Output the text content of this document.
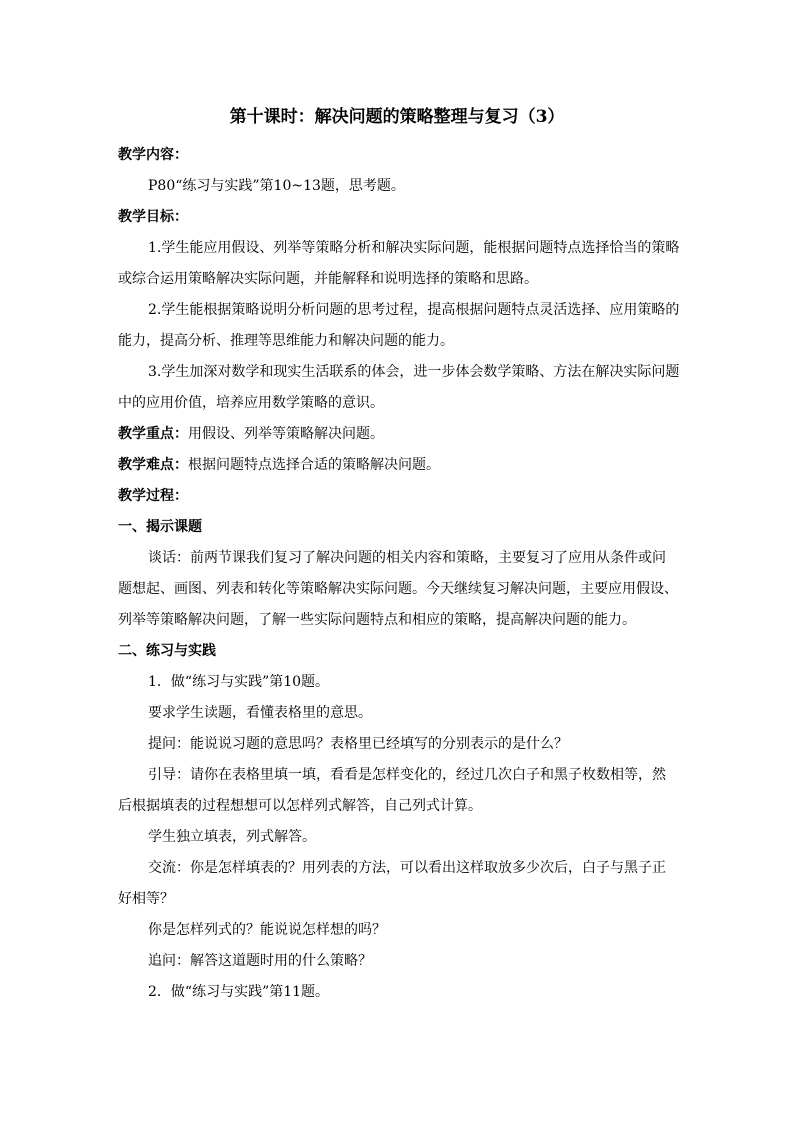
第十课时：解决问题的策略整理与复习（3）
教学内容：
P80“练习与实践”第10~13题，思考题。
教学目标：
1.学生能应用假设、列举等策略分析和解决实际问题，能根据问题特点选择恰当的策略
或综合运用策略解决实际问题，并能解释和说明选择的策略和思路。
2.学生能根据策略说明分析问题的思考过程，提高根据问题特点灵活选择、应用策略的
能力，提高分析、推理等思维能力和解决问题的能力。
3.学生加深对数学和现实生活联系的体会，进一步体会数学策略、方法在解决实际问题
中的应用价值，培养应用数学策略的意识。
教学重点：用假设、列举等策略解决问题。
教学难点：根据问题特点选择合适的策略解决问题。
教学过程：
一、揭示课题
谈话：前两节课我们复习了解决问题的相关内容和策略，主要复习了应用从条件或问
题想起、画图、列表和转化等策略解决实际问题。今天继续复习解决问题，主要应用假设、
列举等策略解决问题，了解一些实际问题特点和相应的策略，提高解决问题的能力。
二、练习与实践
1．做“练习与实践”第10题。
要求学生读题，看懂表格里的意思。
提问：能说说习题的意思吗？表格里已经填写的分别表示的是什么？
引导：请你在表格里填一填，看看是怎样变化的，经过几次白子和黑子枚数相等，然
后根据填表的过程想想可以怎样列式解答，自己列式计算。
学生独立填表，列式解答。
交流：你是怎样填表的？用列表的方法，可以看出这样取放多少次后，白子与黑子正
好相等？
你是怎样列式的？能说说怎样想的吗？
追问：解答这道题时用的什么策略？
2．做“练习与实践”第11题。
